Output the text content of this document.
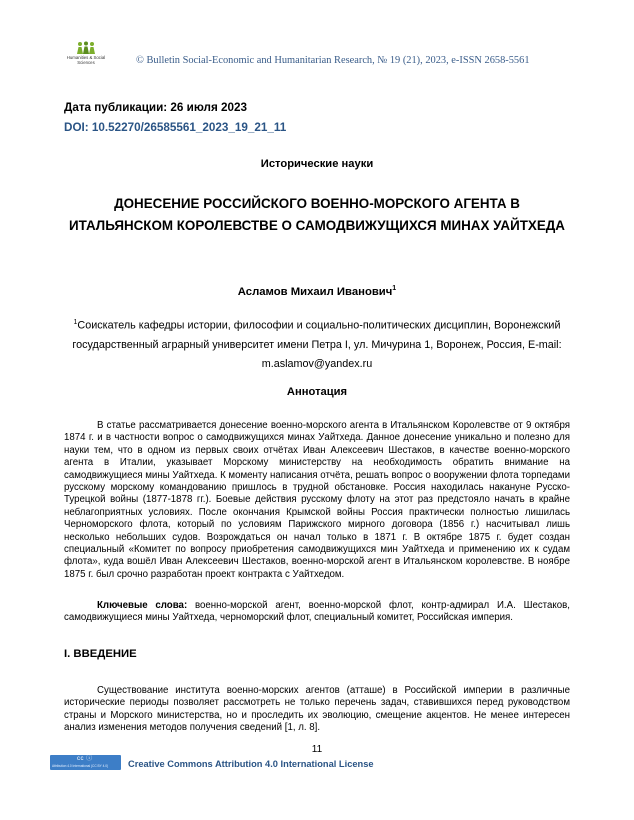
Humanities & Social Sciences	© Bulletin Social-Economic and Humanitarian Research, № 19 (21), 2023, e-ISSN 2658-5561
Дата публикации: 26 июля 2023
DOI: 10.52270/26585561_2023_19_21_11
Исторические науки
ДОНЕСЕНИЕ РОССИЙСКОГО ВОЕННО-МОРСКОГО АГЕНТА В ИТАЛЬЯНСКОМ КОРОЛЕВСТВЕ О САМОДВИЖУЩИХСЯ МИНАХ УАЙТХЕДА
Асламов Михаил Иванович$^1$
$^1$Соискатель кафедры истории, философии и социально-политических дисциплин, Воронежский государственный аграрный университет имени Петра I, ул. Мичурина 1, Воронеж, Россия, E-mail: m.aslamov@yandex.ru
Аннотация

В статье рассматривается донесение военно-морского агента в Итальянском Королевстве от 9 октября 1874 г. и в частности вопрос о самодвижущихся минах Уайтхеда. Данное донесение уникально и полезно для науки тем, что в одном из первых своих отчётах Иван Алексеевич Шестаков, в качестве военно-морского агента в Италии, указывает Морскому министерству на необходимость обратить внимание на самодвижущиеся мины Уайтхеда. К моменту написания отчёта, решать вопрос о вооружении флота торпедами русскому морскому командованию пришлось в трудной обстановке. Россия находилась накануне Русско-Турецкой войны (1877-1878 гг.). Боевые действия русскому флоту на этот раз предстояло начать в крайне неблагоприятных условиях. После окончания Крымской войны Россия практически полностью лишилась Черноморского флота, который по условиям Парижского мирного договора (1856 г.) насчитывал лишь несколько небольших судов. Возрождаться он начал только в 1871 г. В октябре 1875 г. будет создан специальный «Комитет по вопросу приобретения самодвижущихся мин Уайтхеда и применению их к судам флота», куда вошёл Иван Алексеевич Шестаков, военно-морской агент в Итальянском королевстве. В ноябре 1875 г. был срочно разработан проект контракта с Уайтхедом.

Ключевые слова: военно-морской агент, военно-морской флот, контр-адмирал И.А. Шестаков, самодвижущиеся мины Уайтхеда, черноморский флот, специальный комитет, Российская империя.

I. ВВЕДЕНИЕ

Существование института военно-морских агентов (атташе) в Российской империи в различные исторические периоды позволяет рассмотреть не только перечень задач, ставившихся перед руководством страны и Морского министерства, но и проследить их эволюцию, смещение акцентов. Не менее интересен анализ изменения методов получения сведений [1, л. 8].

11
cc ⓘ
Attribution 4.0 International (CC BY 4.0) Creative Commons Attribution 4.0 International License
